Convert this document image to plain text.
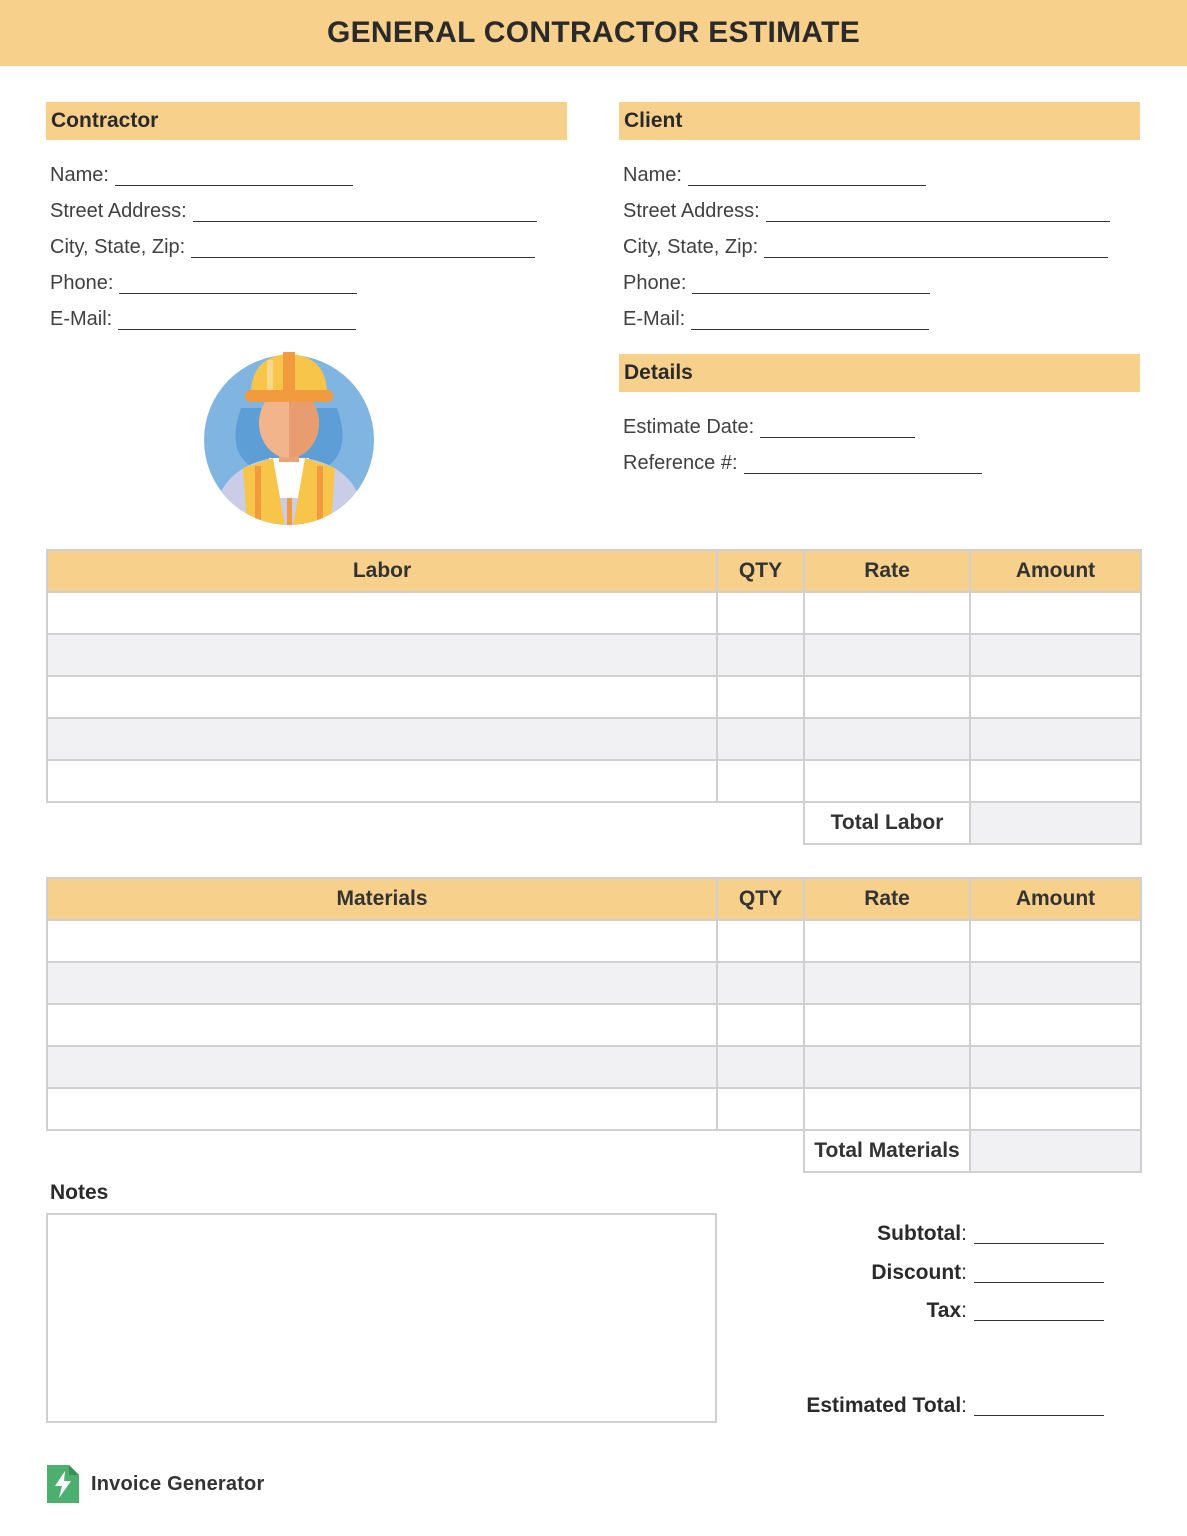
GENERAL CONTRACTOR ESTIMATE
Contractor
Name:
Street Address:
City, State, Zip:
Phone:
E-Mail:
Client
Name:
Street Address:
City, State, Zip:
Phone:
E-Mail:
Details
Estimate Date:
Reference #:
Labor	QTY	Rate	Amount

		Total Labor	
Materials	QTY	Rate	Amount

		Total Materials	
Notes
Subtotal :
Discount :
Tax :
Estimated Total :
Invoice Generator
